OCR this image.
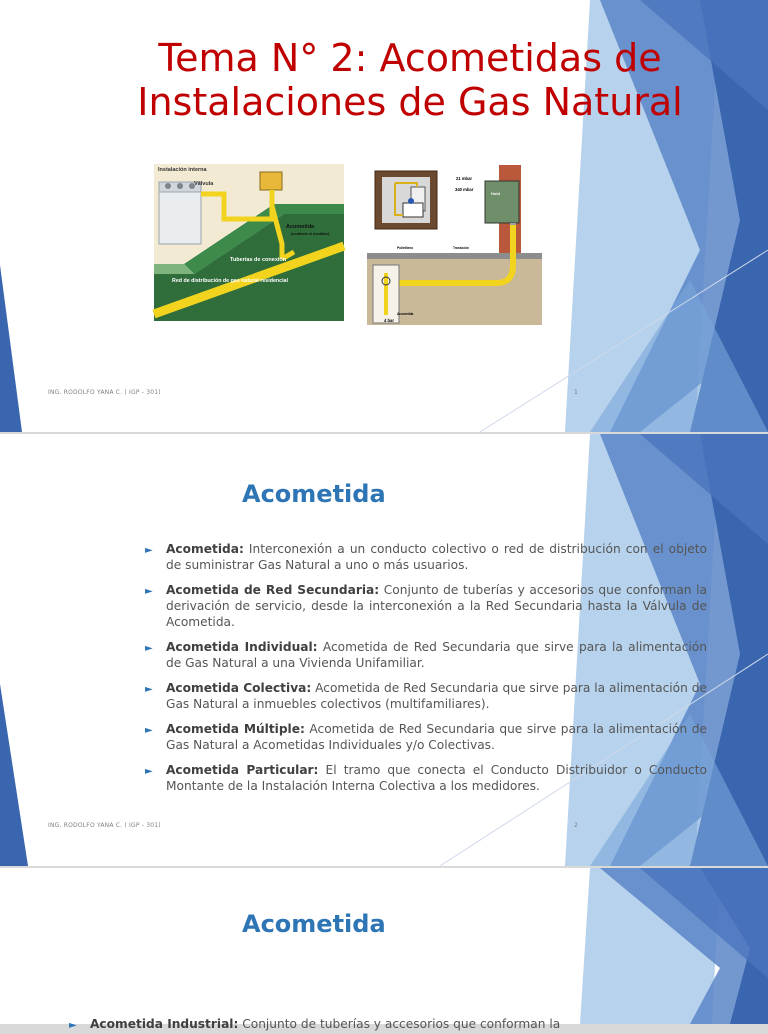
Tema N° 2: Acometidas de Instalaciones de Gas Natural
Instalación interna
Válvula
Acometida
(contiene el medidor)
Tuberías de conexión
Red de distribución de gas natural residencial
Hold
21 mbar
340 mbar
4 bar
Polietileno	Transición
Acometida
ING. RODOLFO YANA C. ( IGP - 301)	1
Acometida
► Acometida: Interconexión a un conducto colectivo o red de distribución con el objeto de suministrar Gas Natural a uno o más usuarios.
► Acometida de Red Secundaria: Conjunto de tuberías y accesorios que conforman la derivación de servicio, desde la interconexión a la Red Secundaria hasta la Válvula de Acometida.
► Acometida Individual: Acometida de Red Secundaria que sirve para la alimentación de Gas Natural a una Vivienda Unifamiliar.
► Acometida Colectiva: Acometida de Red Secundaria que sirve para la alimentación de Gas Natural a inmuebles colectivos (multifamiliares).
► Acometida Múltiple: Acometida de Red Secundaria que sirve para la alimentación de Gas Natural a Acometidas Individuales y/o Colectivas.
► Acometida Particular: El tramo que conecta el Conducto Distribuidor o Conducto Montante de la Instalación Interna Colectiva a los medidores.
ING. RODOLFO YANA C. ( IGP - 301)	2
Acometida
► Acometida Industrial: Conjunto de tuberías y accesorios que conforman la
